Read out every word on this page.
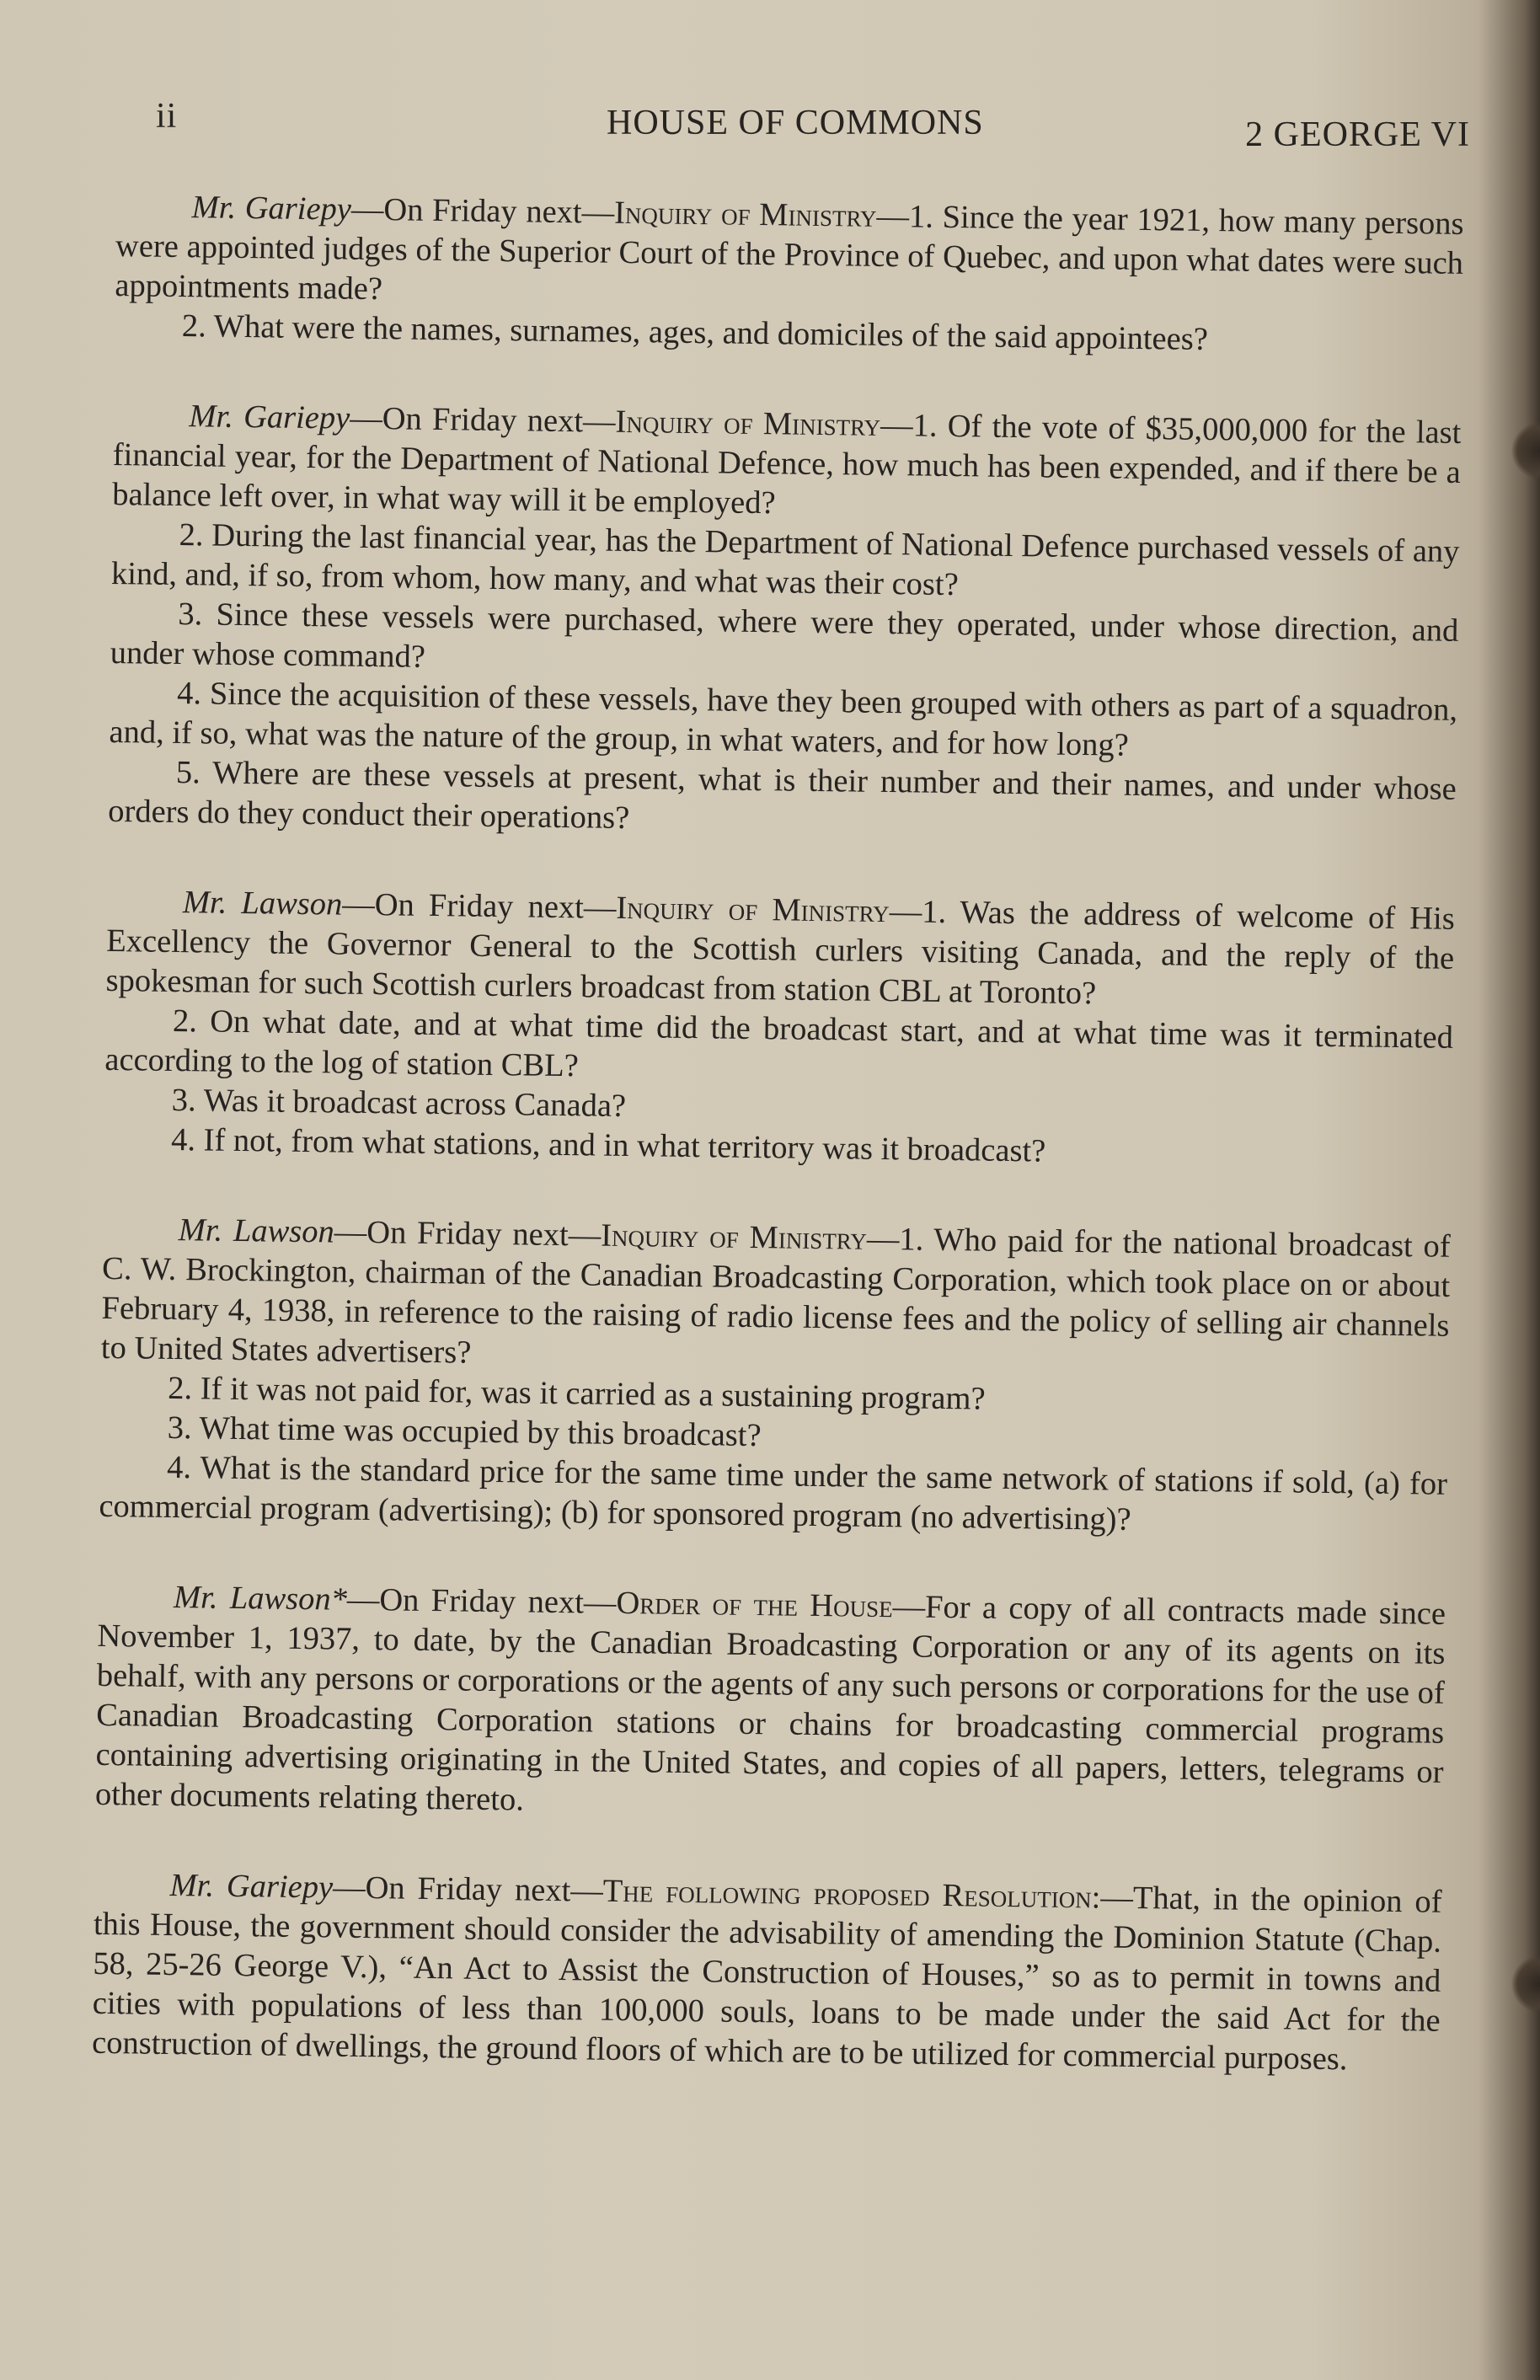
ii	HOUSE OF COMMONS	2 GEORGE VI

Mr. Gariepy—On Friday next—Inquiry of Ministry—1. Since the year 1921, how many persons were appointed judges of the Superior Court of the Province of Quebec, and upon what dates were such appointments made?

2. What were the names, surnames, ages, and domiciles of the said appointees?

Mr. Gariepy—On Friday next—Inquiry of Ministry—1. Of the vote of $35,000,000 for the last financial year, for the Department of National Defence, how much has been expended, and if there be a balance left over, in what way will it be employed?

2. During the last financial year, has the Department of National Defence purchased vessels of any kind, and, if so, from whom, how many, and what was their cost?

3. Since these vessels were purchased, where were they operated, under whose direction, and under whose command?

4. Since the acquisition of these vessels, have they been grouped with others as part of a squadron, and, if so, what was the nature of the group, in what waters, and for how long?

5. Where are these vessels at present, what is their number and their names, and under whose orders do they conduct their operations?

Mr. Lawson—On Friday next—Inquiry of Ministry—1. Was the address of welcome of His Excellency the Governor General to the Scottish curlers visiting Canada, and the reply of the spokesman for such Scottish curlers broadcast from station CBL at Toronto?

2. On what date, and at what time did the broadcast start, and at what time was it terminated according to the log of station CBL?

3. Was it broadcast across Canada?

4. If not, from what stations, and in what territory was it broadcast?

Mr. Lawson—On Friday next—Inquiry of Ministry—1. Who paid for the national broadcast of C. W. Brockington, chairman of the Canadian Broadcasting Corporation, which took place on or about February 4, 1938, in reference to the raising of radio license fees and the policy of selling air channels to United States advertisers?

2. If it was not paid for, was it carried as a sustaining program?

3. What time was occupied by this broadcast?

4. What is the standard price for the same time under the same network of stations if sold, (a) for commercial program (advertising); (b) for sponsored program (no advertising)?

Mr. Lawson*—On Friday next—Order of the House—For a copy of all contracts made since November 1, 1937, to date, by the Canadian Broadcasting Corporation or any of its agents on its behalf, with any persons or corporations or the agents of any such persons or corporations for the use of Canadian Broadcasting Corporation stations or chains for broadcasting commercial programs containing advertising originating in the United States, and copies of all papers, letters, telegrams or other documents relating thereto.

Mr. Gariepy—On Friday next—The following proposed Resolution:—That, in the opinion of this House, the government should consider the advisability of amending the Dominion Statute (Chap. 58, 25-26 George V.), “An Act to Assist the Construction of Houses,” so as to permit in towns and cities with populations of less than 100,000 souls, loans to be made under the said Act for the construction of dwellings, the ground floors of which are to be utilized for commercial purposes.
